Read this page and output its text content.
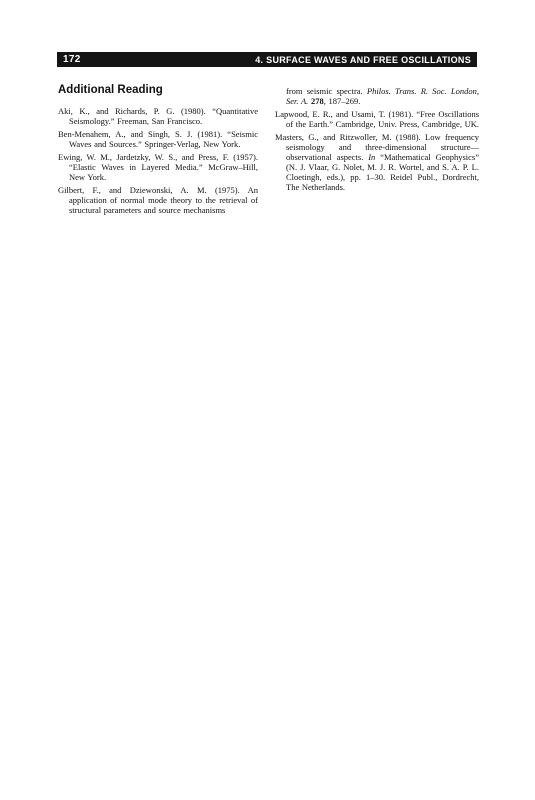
172	4. SURFACE WAVES AND FREE OSCILLATIONS
Additional Reading

Aki, K., and Richards, P. G. (1980). “Quantitative Seismology.” Freeman, San Francisco.

Ben-Menahem, A., and Singh, S. J. (1981). “Seismic Waves and Sources.” Springer-Verlag, New York.

Ewing, W. M., Jardetzky, W. S., and Press, F. (1957). “Elastic Waves in Layered Media.” McGraw–Hill, New York.

Gilbert, F., and Dziewonski, A. M. (1975). An application of normal mode theory to the retrieval of structural parameters and source mechanisms

from seismic spectra. Philos. Trans. R. Soc. London, Ser. A. 278, 187–269.

Lapwood, E. R., and Usami, T. (1981). “Free Oscillations of the Earth.” Cambridge, Univ. Press, Cambridge, UK.

Masters, G., and Ritzwoller, M. (1988). Low frequency seismology and three-dimensional structure—observational aspects. In “Mathematical Geophysics” (N. J. Vlaar, G. Nolet, M. J. R. Wortel, and S. A. P. L. Cloetingh, eds.), pp. 1–30. Reidel Publ., Dordrecht, The Netherlands.
